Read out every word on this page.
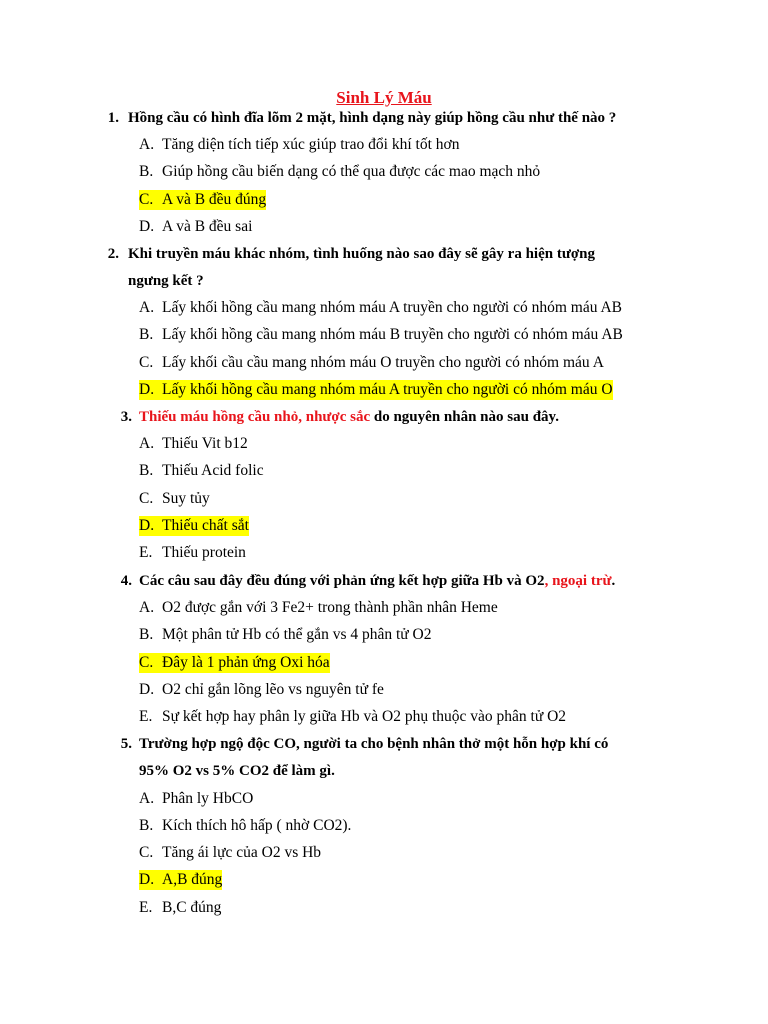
Sinh Lý Máu
1. Hồng cầu có hình đĩa lõm 2 mặt, hình dạng này giúp hồng cầu như thế nào ?
A. Tăng diện tích tiếp xúc giúp trao đổi khí tốt hơn
B. Giúp hồng cầu biến dạng có thể qua được các mao mạch nhỏ
C. A và B đều đúng
D. A và B đều sai
2. Khi truyền máu khác nhóm, tình huống nào sao đây sẽ gây ra hiện tượng
ngưng kết ?
A. Lấy khối hồng cầu mang nhóm máu A truyền cho người có nhóm máu AB
B. Lấy khối hồng cầu mang nhóm máu B truyền cho người có nhóm máu AB
C. Lấy khối cầu cầu mang nhóm máu O truyền cho người có nhóm máu A
D. Lấy khối hồng cầu mang nhóm máu A truyền cho người có nhóm máu O
3. Thiếu máu hồng cầu nhỏ, nhược sắc do nguyên nhân nào sau đây.
A. Thiếu Vit b12
B. Thiếu Acid folic
C. Suy tủy
D. Thiếu chất sắt
E. Thiếu protein
4. Các câu sau đây đều đúng với phản ứng kết hợp giữa Hb và O2, ngoại trừ.
A. O2 được gắn với 3 Fe2+ trong thành phần nhân Heme
B. Một phân tử Hb có thể gắn vs 4 phân tử O2
C. Đây là 1 phản ứng Oxi hóa
D. O2 chỉ gắn lõng lẽo vs nguyên tử fe
E. Sự kết hợp hay phân ly giữa Hb và O2 phụ thuộc vào phân tử O2
5. Trường hợp ngộ độc CO, người ta cho bệnh nhân thở một hỗn hợp khí có
95% O2 vs 5% CO2 để làm gì.
A. Phân ly HbCO
B. Kích thích hô hấp ( nhờ CO2).
C. Tăng ái lực của O2 vs Hb
D. A,B đúng
E. B,C đúng
